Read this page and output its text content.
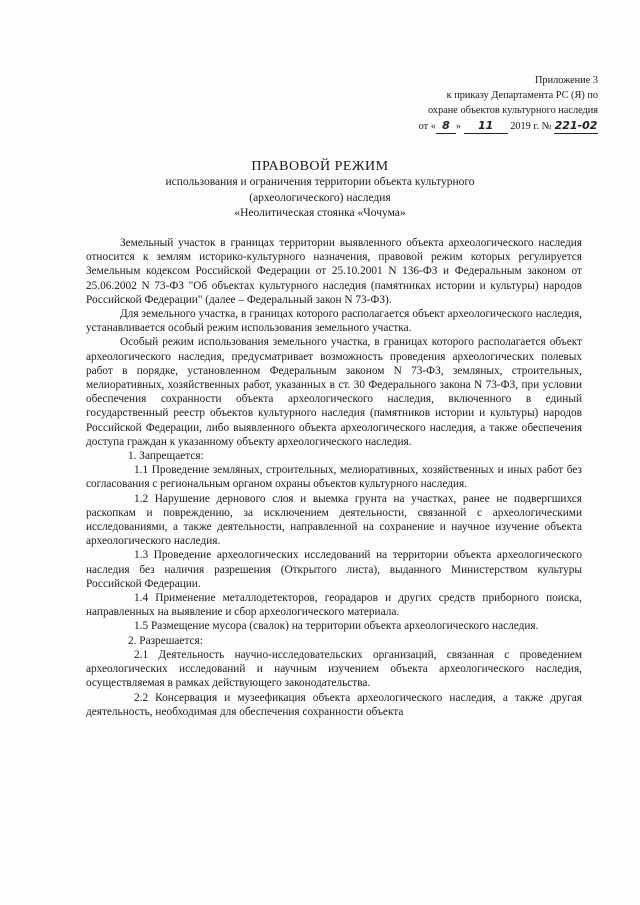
Приложение 3
к приказу Департамента РС (Я) по
охране объектов культурного наследия
от « 8 » 11 2019 г. № 221-02

ПРАВОВОЙ РЕЖИМ

использования и ограничения территории объекта культурного

(археологического) наследия

«Неолитическая стоянка «Чочума»

Земельный участок в границах территории выявленного объекта археологического наследия относится к землям историко-культурного назначения, правовой режим которых регулируется Земельным кодексом Российской Федерации от 25.10.2001 N 136-ФЗ и Федеральным законом от 25.06.2002 N 73-ФЗ "Об объектах культурного наследия (памятниках истории и культуры) народов Российской Федерации" (далее – Федеральный закон N 73-ФЗ).

Для земельного участка, в границах которого располагается объект археологического наследия, устанавливается особый режим использования земельного участка.

Особый режим использования земельного участка, в границах которого располагается объект археологического наследия, предусматривает возможность проведения археологических полевых работ в порядке, установленном Федеральным законом N 73-ФЗ, земляных, строительных, мелиоративных, хозяйственных работ, указанных в ст. 30 Федерального закона N 73-ФЗ, при условии обеспечения сохранности объекта археологического наследия, включенного в единый государственный реестр объектов культурного наследия (памятников истории и культуры) народов Российской Федерации, либо выявленного объекта археологического наследия, а также обеспечения доступа граждан к указанному объекту археологического наследия.

1. Запрещается:

1.1 Проведение земляных, строительных, мелиоративных, хозяйственных и иных работ без согласования с региональным органом охраны объектов культурного наследия.

1.2 Нарушение дернового слоя и выемка грунта на участках, ранее не подвергшихся раскопкам и повреждению, за исключением деятельности, связанной с археологическими исследованиями, а также деятельности, направленной на сохранение и научное изучение объекта археологического наследия.

1.3 Проведение археологических исследований на территории объекта археологического наследия без наличия разрешения (Открытого листа), выданного Министерством культуры Российской Федерации.

1.4 Применение металлодетекторов, георадаров и других средств приборного поиска, направленных на выявление и сбор археологического материала.

1.5 Размещение мусора (свалок) на территории объекта археологического наследия.

2. Разрешается:

2.1 Деятельность научно-исследовательских организаций, связанная с проведением археологических исследований и научным изучением объекта археологического наследия, осуществляемая в рамках действующего законодательства.

2.2 Консервация и музеефикация объекта археологического наследия, а также другая деятельность, необходимая для обеспечения сохранности объекта
